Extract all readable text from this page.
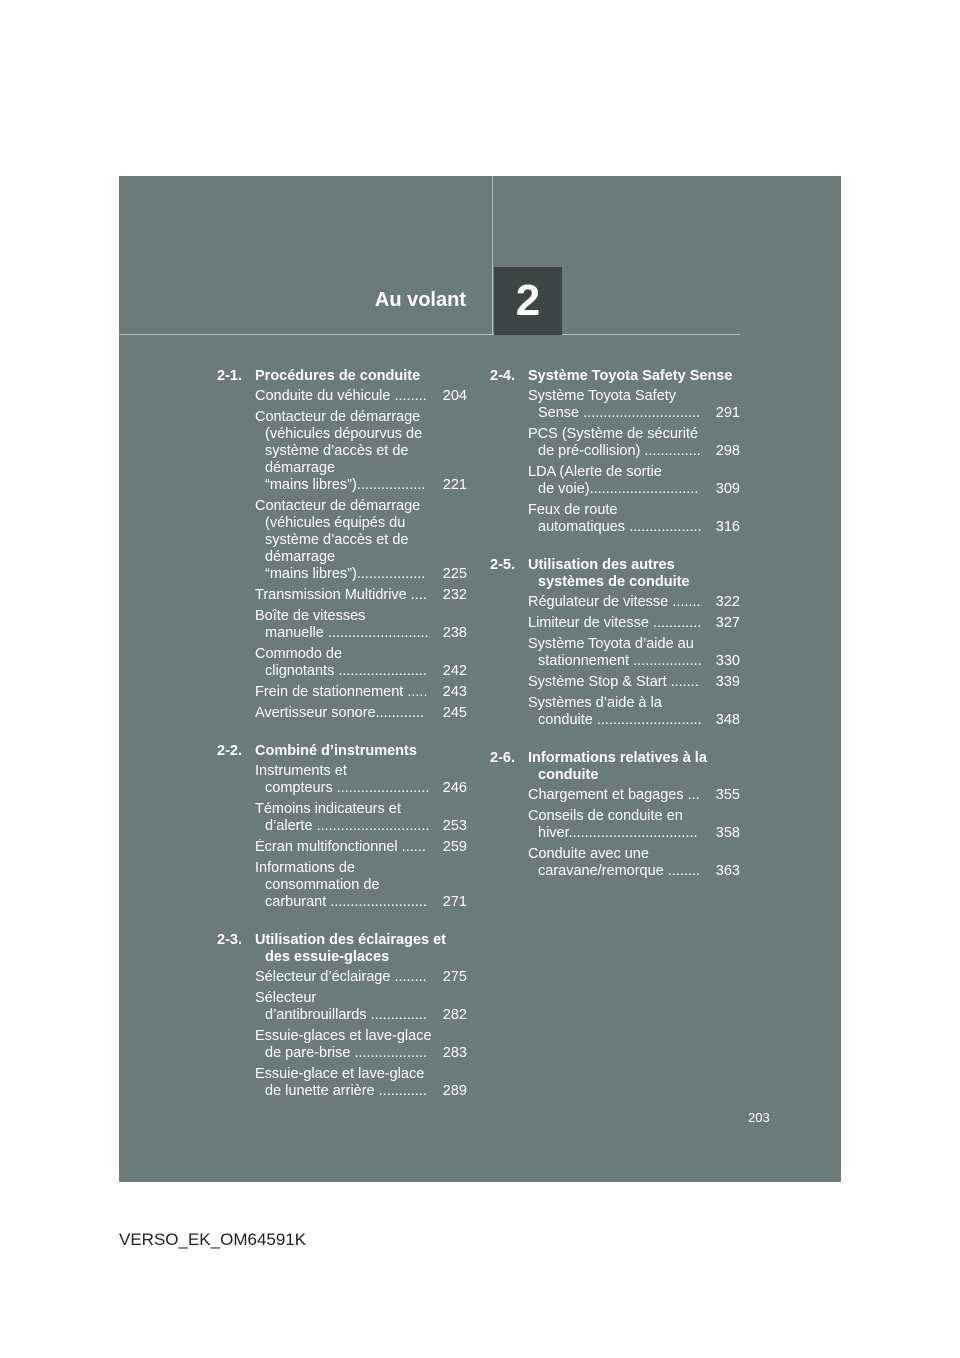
Au volant	2
2-1. Procédures de conduite
Conduite du véhicule ........	204
Contacteur de démarrage
(véhicules dépourvus de
système d’accès et de
démarrage
“mains libres”).................	221
Contacteur de démarrage
(véhicules équipés du
système d’accès et de
démarrage
“mains libres”).................	225
Transmission Multidrive ....	232
Boîte de vitesses
manuelle ......................... 238
Commodo de
clignotants ......................	242
Frein de stationnement .....	243
Avertisseur sonore............	245
2-2. Combiné d’instruments
Instruments et
compteurs ....................... 246
Témoins indicateurs et
d’alerte ............................ 253
Écran multifonctionnel ......	259
Informations de
consommation de
carburant ........................	271
2-3. Utilisation des éclairages et des essuie-glaces
Sélecteur d’éclairage ........	275
Sélecteur
d’antibrouillards ..............	282
Essuie-glaces et lave-glace
de pare-brise ..................	283
Essuie-glace et lave-glace
de lunette arrière ............	289
2-4. Système Toyota Safety Sense
Système Toyota Safety
Sense .............................	291
PCS (Système de sécurité
de pré-collision) ..............	298
LDA (Alerte de sortie
de voie)...........................	309
Feux de route
automatiques .................. 316
2-5. Utilisation des autres systèmes de conduite
Régulateur de vitesse .......	322
Limiteur de vitesse ............	327
Système Toyota d’aide au
stationnement ................. 330
Système Stop & Start .......	339
Systèmes d’aide à la
conduite .......................... 348
2-6. Informations relatives à la conduite
Chargement et bagages ...	355
Conseils de conduite en
hiver................................	358
Conduite avec une
caravane/remorque ........	363
203
VERSO_EK_OM64591K
